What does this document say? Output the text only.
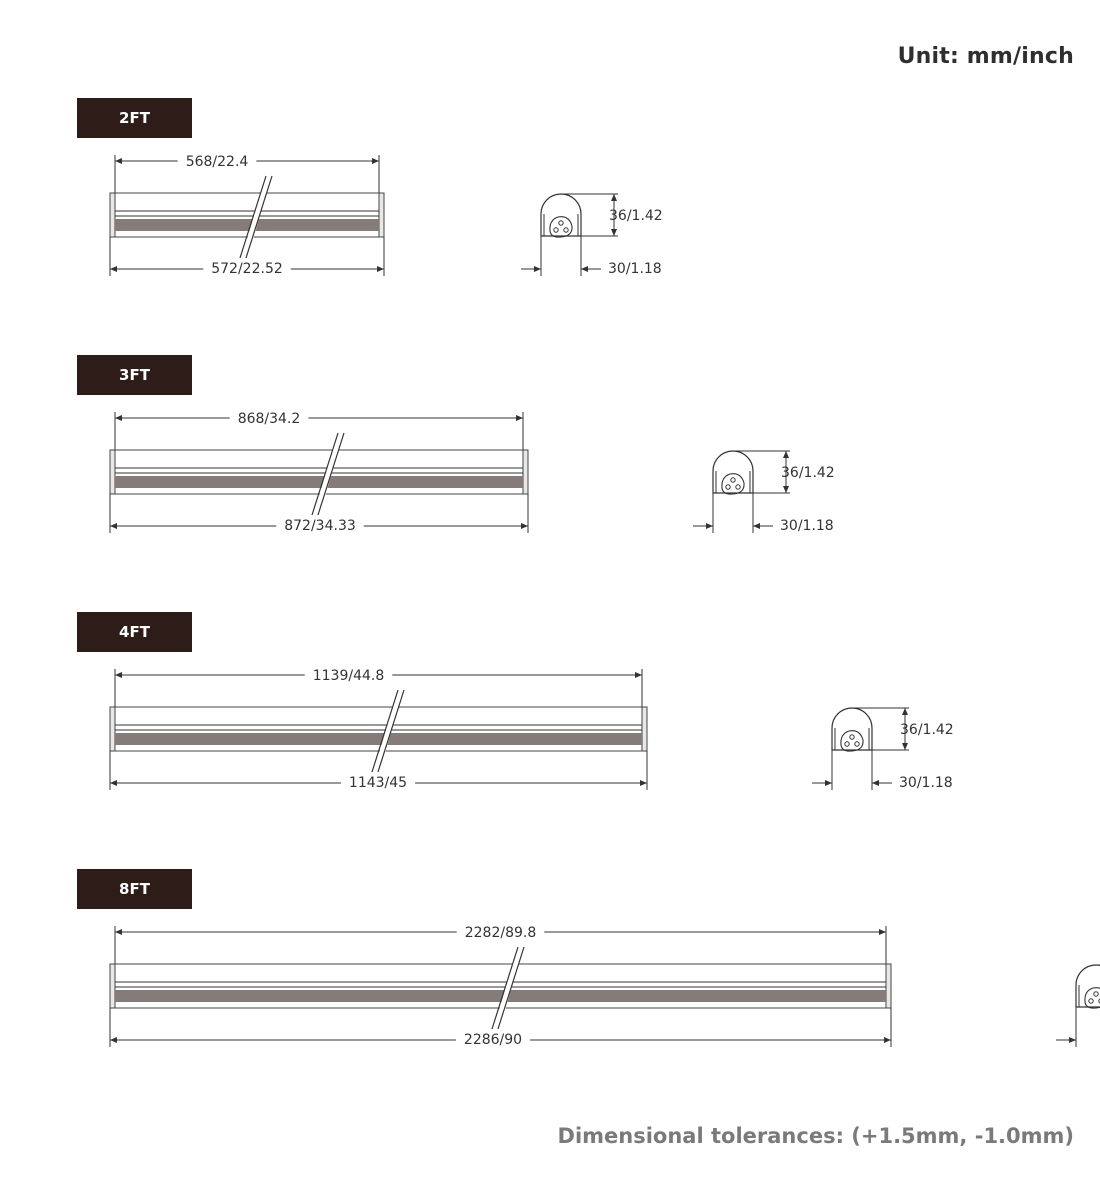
Unit: mm/inch
2FT
568/22.4
572/22.52
36/1.42
30/1.18
3FT
868/34.2
872/34.33
36/1.42
30/1.18
4FT
1139/44.8
1143/45
36/1.42
30/1.18
8FT
2282/89.8
2286/90
Dimensional tolerances: (+1.5mm, -1.0mm)
